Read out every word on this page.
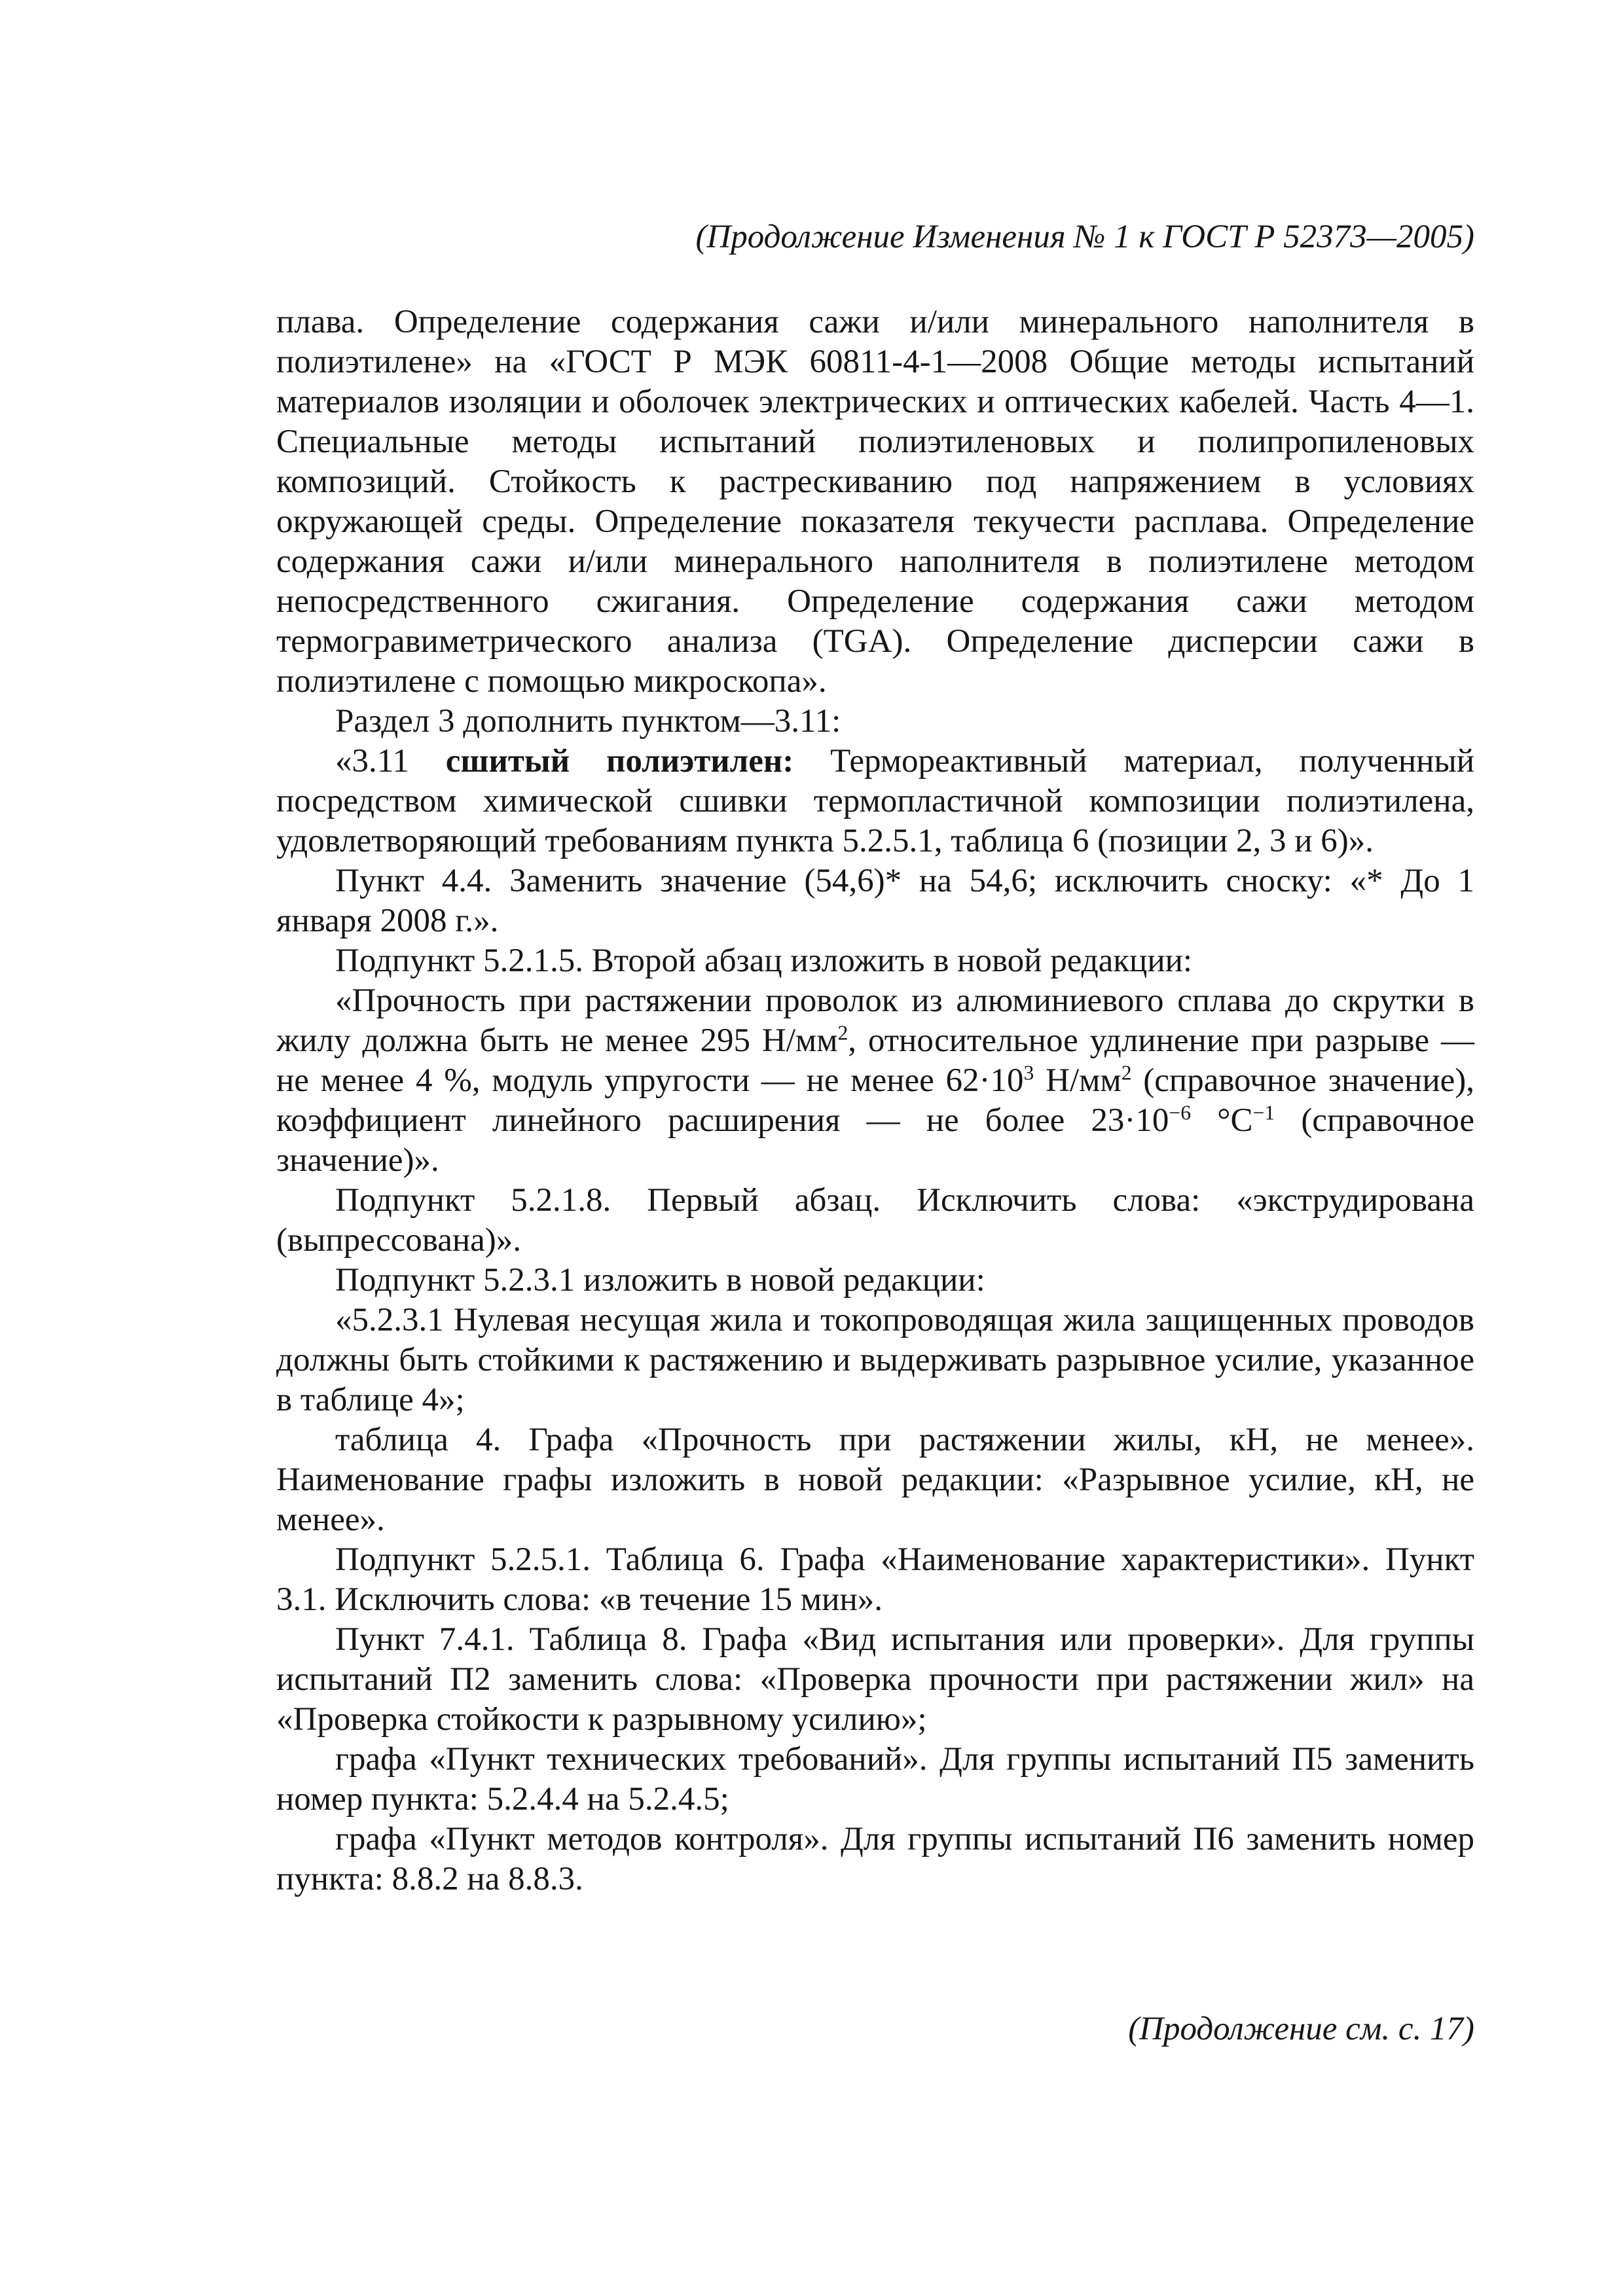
(Продолжение Изменения № 1 к ГОСТ Р 52373—2005)

плава. Определение содержания сажи и/или минерального наполнителя в полиэтилене» на «ГОСТ Р МЭК 60811-4-1—2008 Общие методы испытаний материалов изоляции и оболочек электрических и оптических кабелей. Часть 4—1. Специальные методы испытаний полиэтиленовых и полипропиленовых композиций. Стойкость к растрескиванию под напряжением в условиях окружающей среды. Определение показателя текучести расплава. Определение содержания сажи и/или минерального наполнителя в полиэтилене методом непосредственного сжигания. Определение содержания сажи методом термогравиметрического анализа (TGA). Определение дисперсии сажи в полиэтилене с помощью микроскопа».

Раздел 3 дополнить пунктом—3.11:

«3.11 сшитый полиэтилен: Термореактивный материал, полученный посредством химической сшивки термопластичной композиции полиэтилена, удовлетворяющий требованиям пункта 5.2.5.1, таблица 6 (позиции 2, 3 и 6)».

Пункт 4.4. Заменить значение (54,6)* на 54,6; исключить сноску: «* До 1 января 2008 г.».

Подпункт 5.2.1.5. Второй абзац изложить в новой редакции:

«Прочность при растяжении проволок из алюминиевого сплава до скрутки в жилу должна быть не менее 295 $Н/мм^2$, относительное удлинение при разрыве — не менее 4 %, модуль упругости — не менее $62\cdot 10^3$ $Н/мм^2$ (справочное значение), коэффициент линейного расширения — не более $23\cdot 10^{-6}$ $^\circ С^{-1}$ (справочное значение)».

Подпункт 5.2.1.8. Первый абзац. Исключить слова: «экструдирована (выпрессована)».

Подпункт 5.2.3.1 изложить в новой редакции:

«5.2.3.1 Нулевая несущая жила и токопроводящая жила защищенных проводов должны быть стойкими к растяжению и выдерживать разрывное усилие, указанное в таблице 4»;

таблица 4. Графа «Прочность при растяжении жилы, кН, не менее». Наименование графы изложить в новой редакции: «Разрывное усилие, кН, не менее».

Подпункт 5.2.5.1. Таблица 6. Графа «Наименование характеристики». Пункт 3.1. Исключить слова: «в течение 15 мин».

Пункт 7.4.1. Таблица 8. Графа «Вид испытания или проверки». Для группы испытаний П2 заменить слова: «Проверка прочности при растяжении жил» на «Проверка стойкости к разрывному усилию»;

графа «Пункт технических требований». Для группы испытаний П5 заменить номер пункта: 5.2.4.4 на 5.2.4.5;

графа «Пункт методов контроля». Для группы испытаний П6 заменить номер пункта: 8.8.2 на 8.8.3.

(Продолжение см. с. 17)
